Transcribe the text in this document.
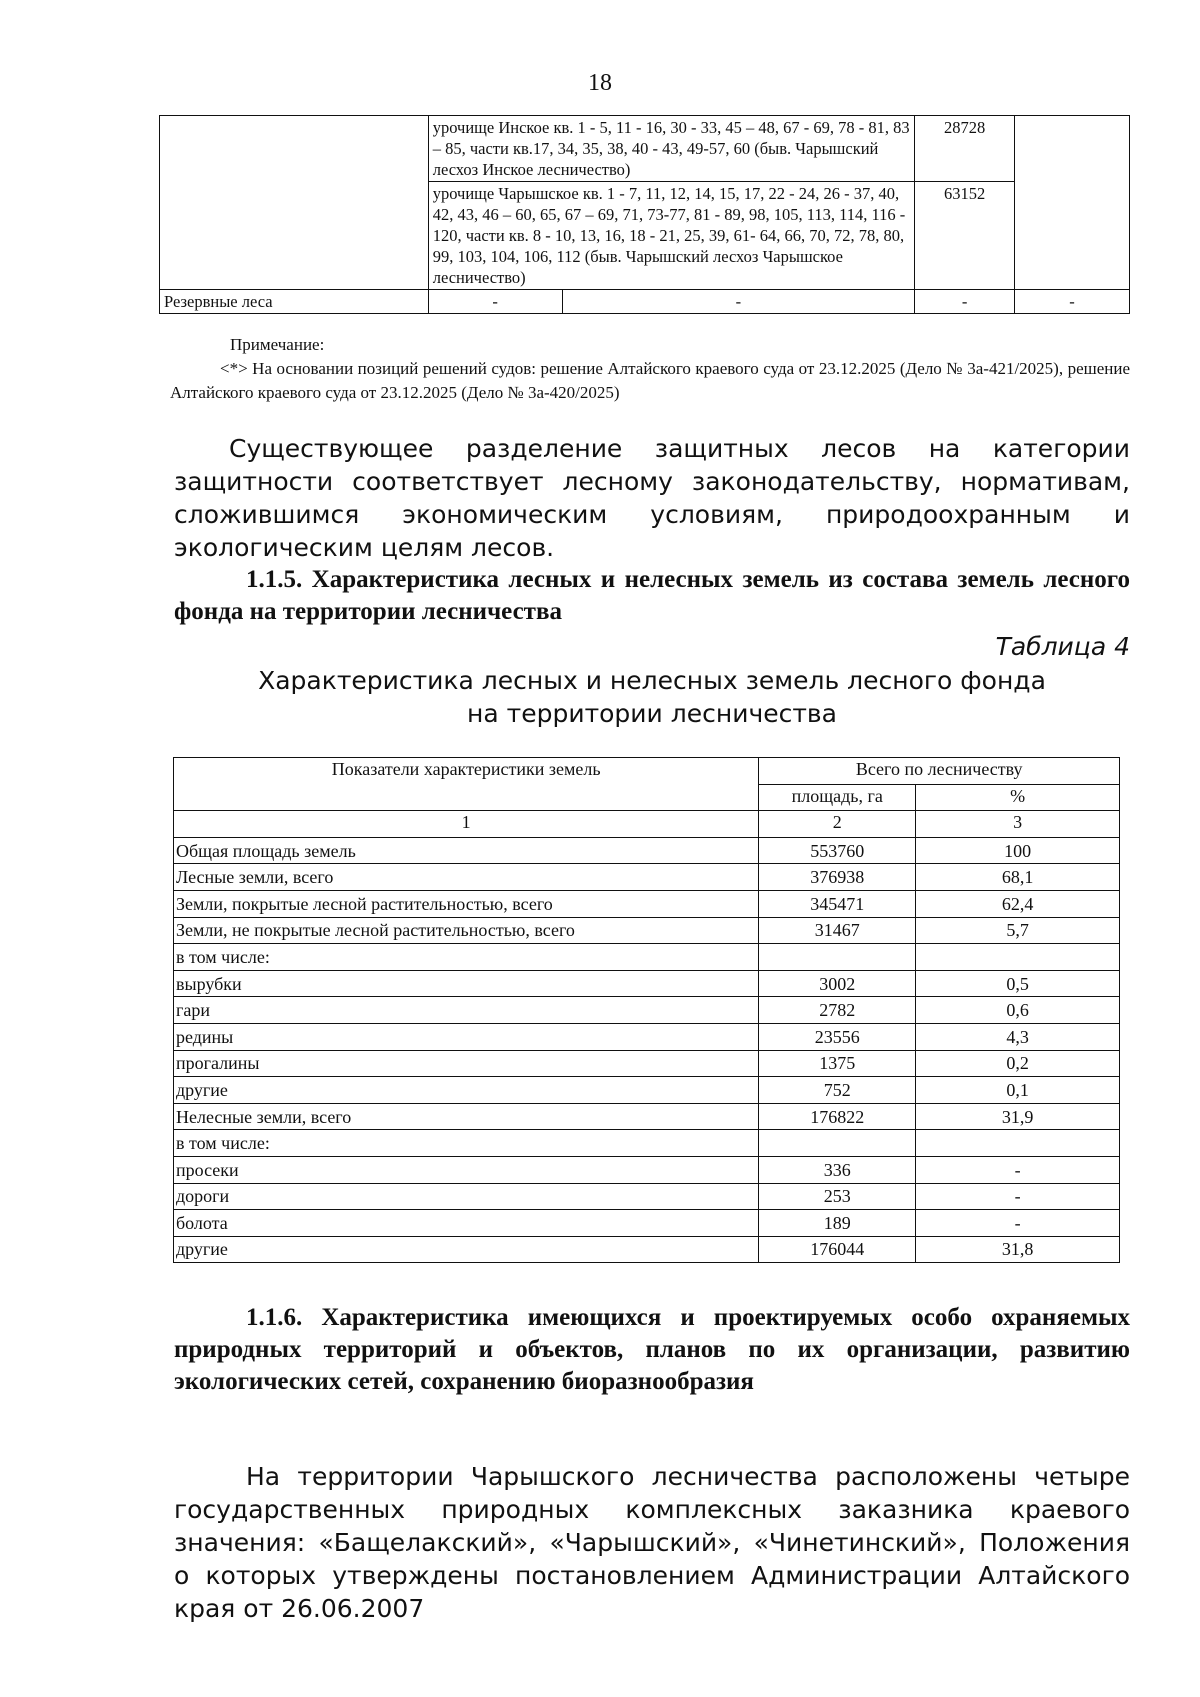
18
	урочище Инское кв. 1 - 5, 11 - 16, 30 - 33, 45 – 48, 67 - 69, 78 - 81, 83 – 85, части кв.17, 34, 35, 38, 40 - 43, 49-57, 60 (быв. Чарышский лесхоз Инское лесничество)		28728	
	урочище Чарышское кв. 1 - 7, 11, 12, 14, 15, 17, 22 - 24, 26 - 37, 40, 42, 43, 46 – 60, 65, 67 – 69, 71, 73-77, 81 - 89, 98, 105, 113, 114, 116 - 120, части кв. 8 - 10, 13, 16, 18 - 21, 25, 39, 61- 64, 66, 70, 72, 78, 80, 99, 103, 104, 106, 112 (быв. Чарышский лесхоз Чарышское лесничество)		63152	
Резервные леса	-	-	-	-
Примечание:
<*> На основании позиций решений судов: решение Алтайского краевого суда от 23.12.2025 (Дело № 3а-421/2025), решение Алтайского краевого суда от 23.12.2025 (Дело № 3а-420/2025)
Существующее разделение защитных лесов на категории защитности соответствует лесному законодательству, нормативам, сложившимся экономическим условиям, природоохранным и экологическим целям лесов.
1.1.5. Характеристика лесных и нелесных земель из состава земель лесного фонда на территории лесничества
Таблица 4
Характеристика лесных и нелесных земель лесного фонда
на территории лесничества
Показатели характеристики земель	Всего по лесничеству	
	площадь, га	%
1	2	3
Общая площадь земель	553760	100
Лесные земли, всего	376938	68,1
Земли, покрытые лесной растительностью, всего	345471	62,4
Земли, не покрытые лесной растительностью, всего	31467	5,7
в том числе:		
вырубки	3002	0,5
гари	2782	0,6
редины	23556	4,3
прогалины	1375	0,2
другие	752	0,1
Нелесные земли, всего	176822	31,9
в том числе:		
просеки	336	-
дороги	253	-
болота	189	-
другие	176044	31,8
1.1.6. Характеристика имеющихся и проектируемых особо охраняемых природных территорий и объектов, планов по их организации, развитию экологических сетей, сохранению биоразнообразия
На территории Чарышского лесничества расположены четыре государственных природных комплексных заказника краевого значения: «Бащелакский», «Чарышский», «Чинетинский», Положения о которых утверждены постановлением Администрации Алтайского края от 26.06.2007
